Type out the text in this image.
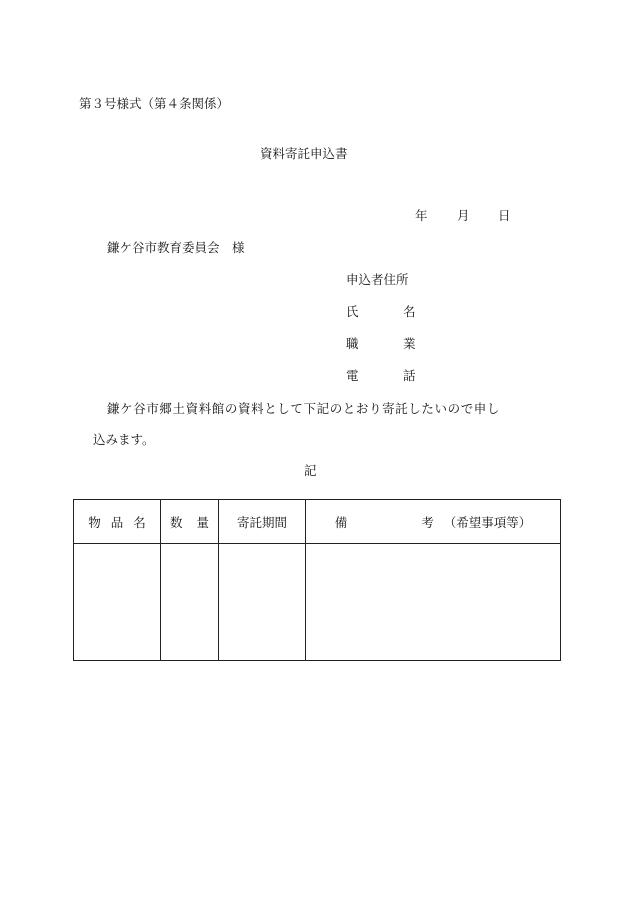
第３号様式（第４条関係）
資料寄託申込書
年 月 日
鎌ケ谷市教育委員会　様
申込者住所
氏	名
職	業
電	話
鎌ケ谷市郷土資料館の資料として下記のとおり寄託したいので申し
込みます。
記
物 品 名	数 量	寄託期間	備 考 （希望事項等）
